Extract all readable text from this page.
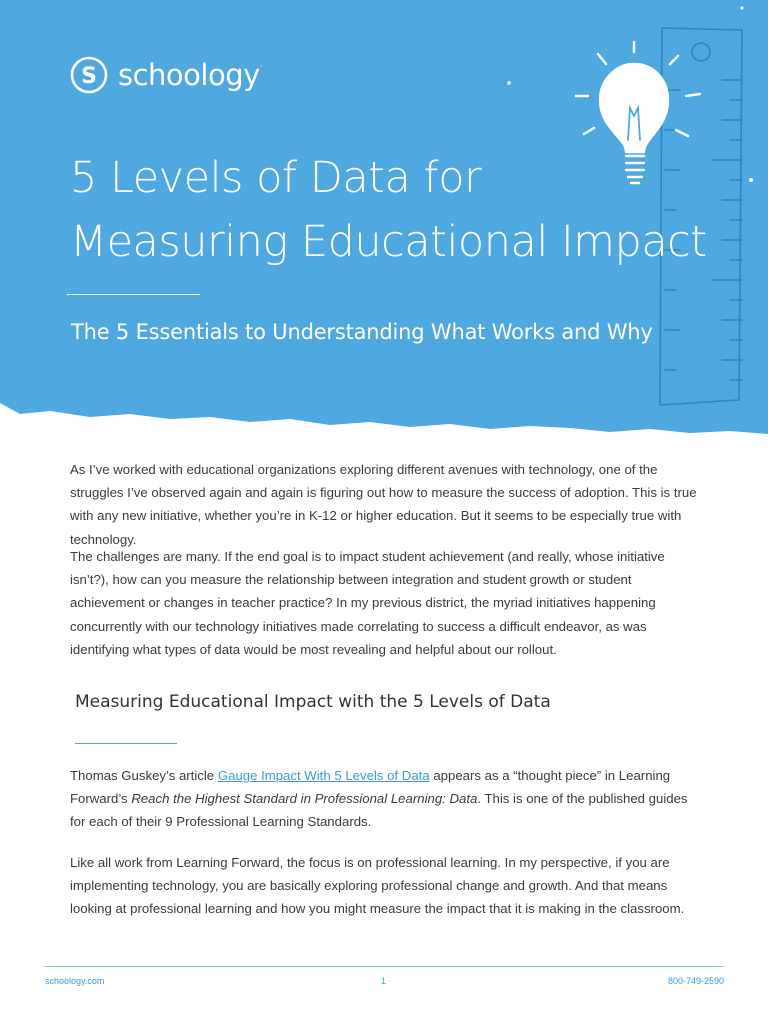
S schoology·
5 Levels of Data for
Measuring Educational Impact
The 5 Essentials to Understanding What Works and Why

As I’ve worked with educational organizations exploring different avenues with technology, one of the struggles I’ve observed again and again is figuring out how to measure the success of adoption. This is true with any new initiative, whether you’re in K-12 or higher education. But it seems to be especially true with technology.

The challenges are many. If the end goal is to impact student achievement (and really, whose initiative isn’t?), how can you measure the relationship between integration and student growth or student achievement or changes in teacher practice? In my previous district, the myriad initiatives happening concurrently with our technology initiatives made correlating to success a difficult endeavor, as was identifying what types of data would be most revealing and helpful about our rollout.

Measuring Educational Impact with the 5 Levels of Data

Thomas Guskey’s article Gauge Impact With 5 Levels of Data appears as a “thought piece” in Learning Forward’s Reach the Highest Standard in Professional Learning: Data. This is one of the published guides for each of their 9 Professional Learning Standards.

Like all work from Learning Forward, the focus is on professional learning. In my perspective, if you are implementing technology, you are basically exploring professional change and growth. And that means looking at professional learning and how you might measure the impact that it is making in the classroom.

schoology.com	1	800-749-2590
